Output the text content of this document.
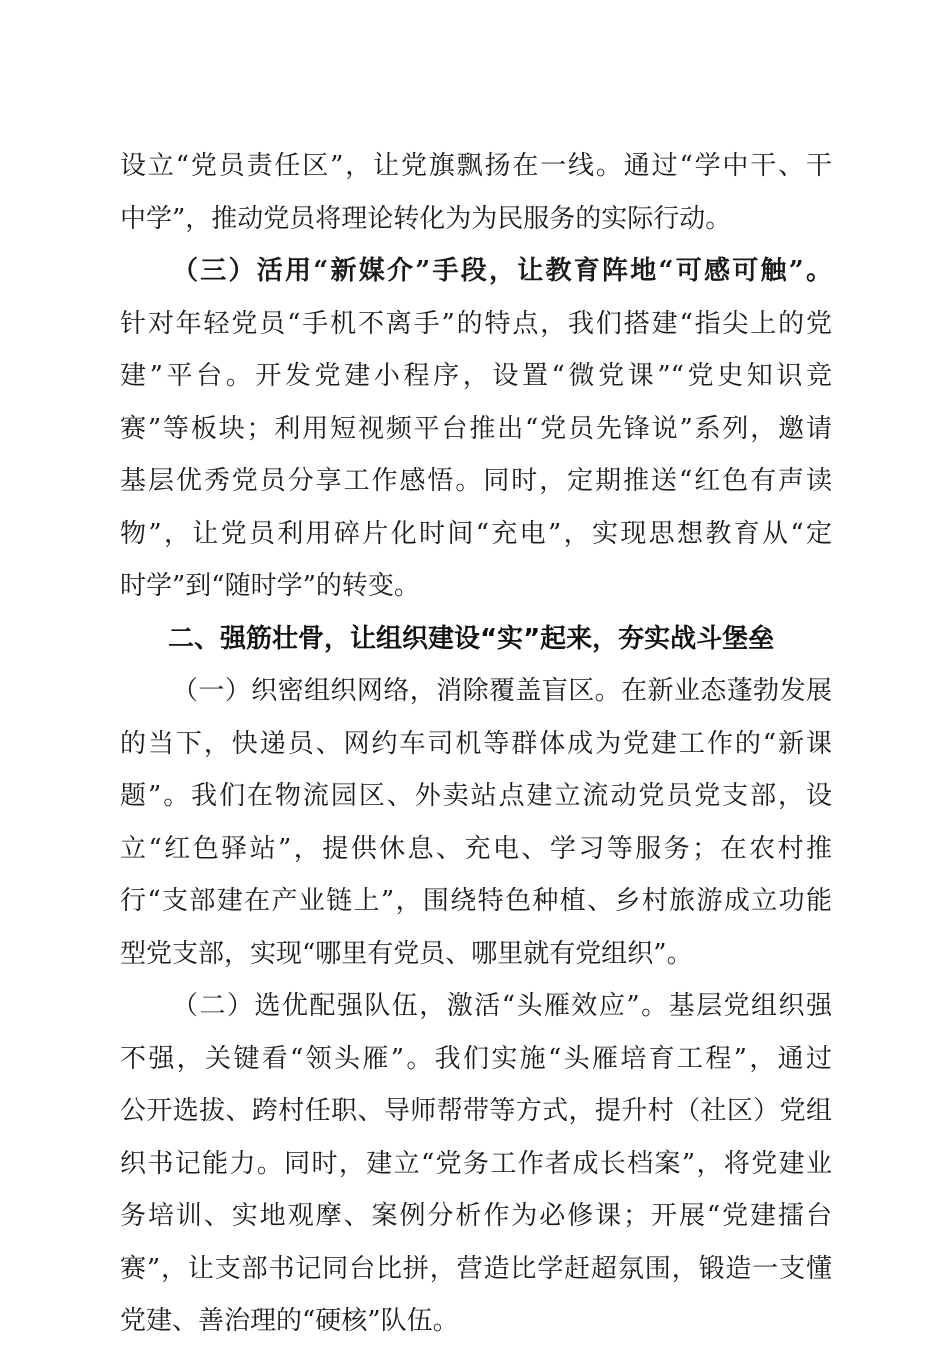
设立“党员责任区”，让党旗飘扬在一线。通过“学中干、干
中学”，推动党员将理论转化为为民服务的实际行动。
（三）活用“新媒介”手段，让教育阵地“可感可触”。
针对年轻党员“手机不离手”的特点，我们搭建“指尖上的党
建”平台。开发党建小程序，设置“微党课”“党史知识竞
赛”等板块；利用短视频平台推出“党员先锋说”系列，邀请
基层优秀党员分享工作感悟。同时，定期推送“红色有声读
物”，让党员利用碎片化时间“充电”，实现思想教育从“定
时学”到“随时学”的转变。
二、强筋壮骨，让组织建设“实”起来，夯实战斗堡垒
（一）织密组织网络，消除覆盖盲区。在新业态蓬勃发展
的当下，快递员、网约车司机等群体成为党建工作的“新课
题”。我们在物流园区、外卖站点建立流动党员党支部，设
立“红色驿站”，提供休息、充电、学习等服务；在农村推
行“支部建在产业链上”，围绕特色种植、乡村旅游成立功能
型党支部，实现“哪里有党员、哪里就有党组织”。
（二）选优配强队伍，激活“头雁效应”。基层党组织强
不强，关键看“领头雁”。我们实施“头雁培育工程”，通过
公开选拔、跨村任职、导师帮带等方式，提升村（社区）党组
织书记能力。同时，建立“党务工作者成长档案”，将党建业
务培训、实地观摩、案例分析作为必修课；开展“党建擂台
赛”，让支部书记同台比拼，营造比学赶超氛围，锻造一支懂
党建、善治理的“硬核”队伍。
